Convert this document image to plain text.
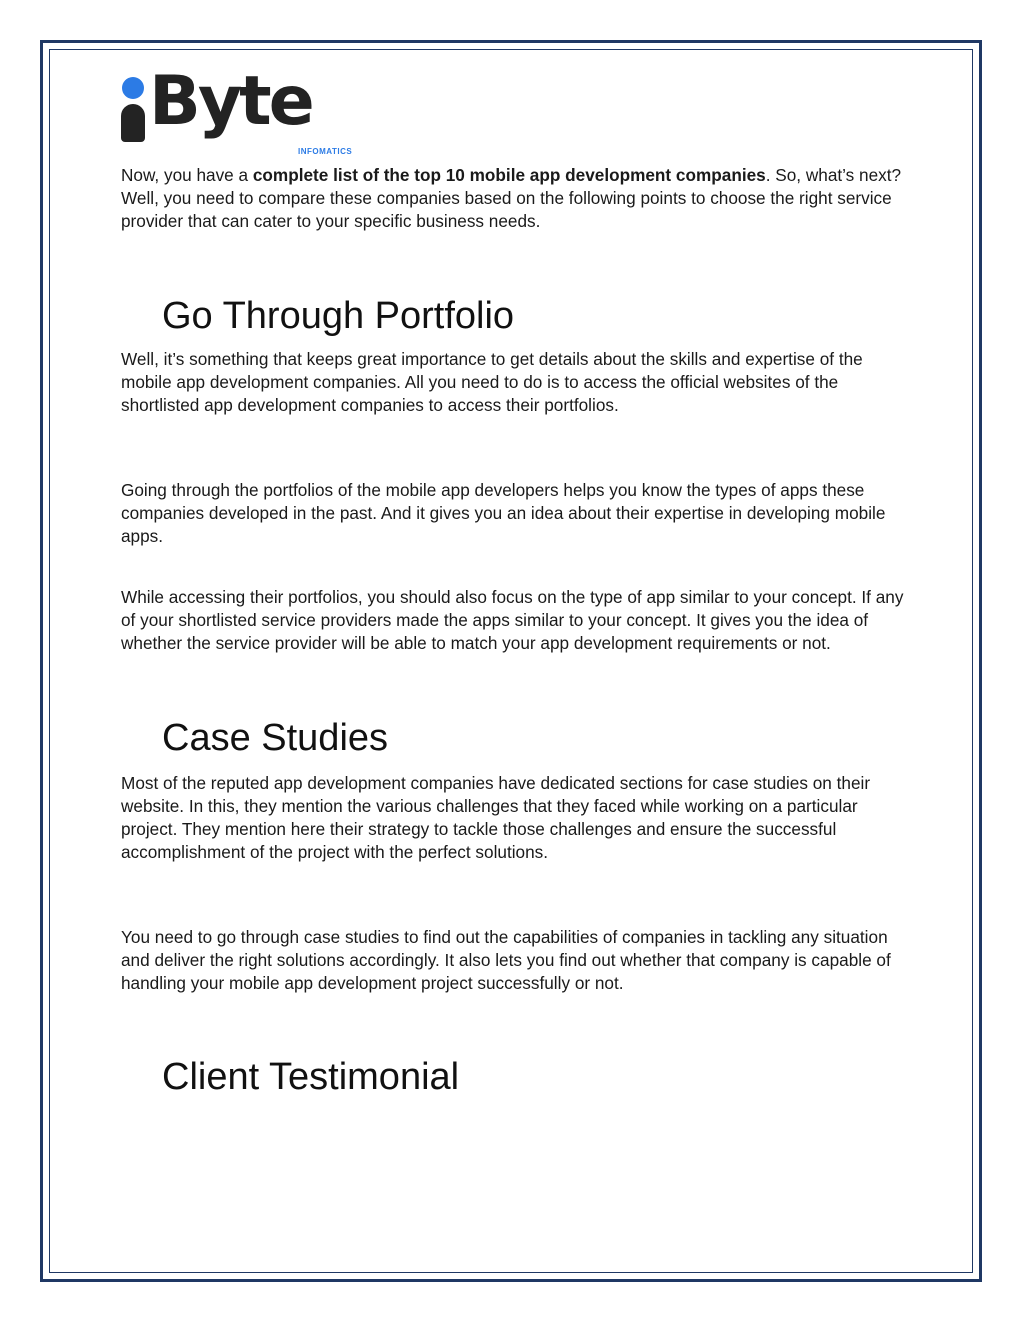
Byte
INFOMATICS

Now, you have a complete list of the top 10 mobile app development companies. So, what’s next? Well, you need to compare these companies based on the following points to choose the right service provider that can cater to your specific business needs.

Go Through Portfolio

Well, it’s something that keeps great importance to get details about the skills and expertise of the mobile app development companies. All you need to do is to access the official websites of the shortlisted app development companies to access their portfolios.

Going through the portfolios of the mobile app developers helps you know the types of apps these companies developed in the past. And it gives you an idea about their expertise in developing mobile apps.

While accessing their portfolios, you should also focus on the type of app similar to your concept. If any of your shortlisted service providers made the apps similar to your concept. It gives you the idea of whether the service provider will be able to match your app development requirements or not.

Case Studies

Most of the reputed app development companies have dedicated sections for case studies on their website. In this, they mention the various challenges that they faced while working on a particular project. They mention here their strategy to tackle those challenges and ensure the successful accomplishment of the project with the perfect solutions.

You need to go through case studies to find out the capabilities of companies in tackling any situation and deliver the right solutions accordingly. It also lets you find out whether that company is capable of handling your mobile app development project successfully or not.

Client Testimonial
